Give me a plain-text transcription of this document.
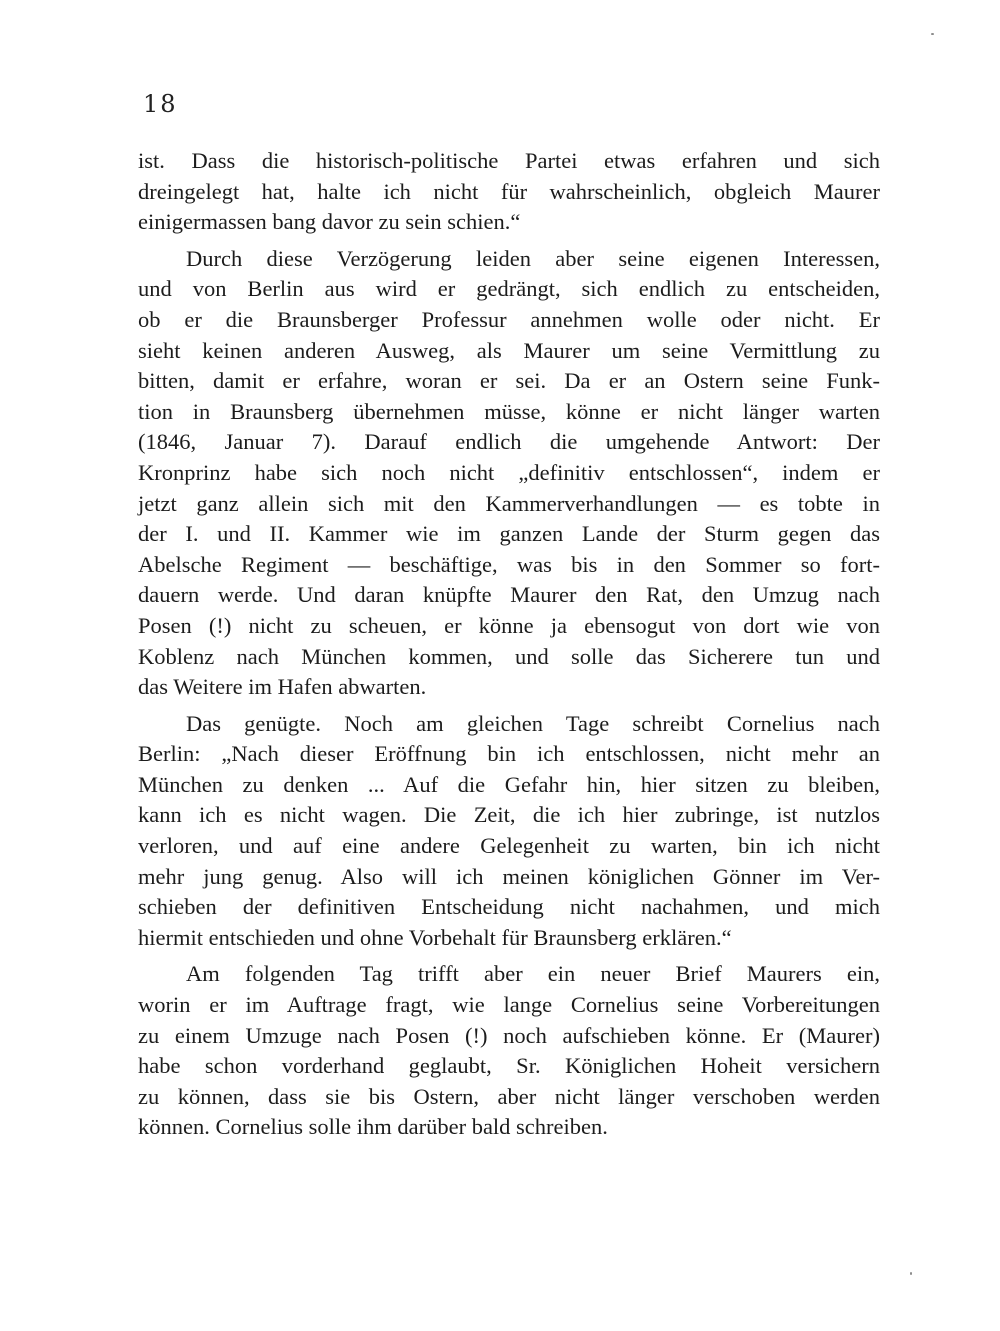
18
ist. Dass die historisch-politische Partei etwas erfahren und sich
dreingelegt hat, halte ich nicht für wahrscheinlich, obgleich Maurer
einigermassen bang davor zu sein schien.“
Durch diese Verzögerung leiden aber seine eigenen Interessen,
und von Berlin aus wird er gedrängt, sich endlich zu entscheiden,
ob er die Braunsberger Professur annehmen wolle oder nicht. Er
sieht keinen anderen Ausweg, als Maurer um seine Vermittlung zu
bitten, damit er erfahre, woran er sei. Da er an Ostern seine Funk-
tion in Braunsberg übernehmen müsse, könne er nicht länger warten
(1846, Januar 7). Darauf endlich die umgehende Antwort: Der
Kronprinz habe sich noch nicht „definitiv entschlossen“, indem er
jetzt ganz allein sich mit den Kammerverhandlungen — es tobte in
der I. und II. Kammer wie im ganzen Lande der Sturm gegen das
Abelsche Regiment — beschäftige, was bis in den Sommer so fort-
dauern werde. Und daran knüpfte Maurer den Rat, den Umzug nach
Posen (!) nicht zu scheuen, er könne ja ebensogut von dort wie von
Koblenz nach München kommen, und solle das Sicherere tun und
das Weitere im Hafen abwarten.
Das genügte. Noch am gleichen Tage schreibt Cornelius nach
Berlin: „Nach dieser Eröffnung bin ich entschlossen, nicht mehr an
München zu denken ... Auf die Gefahr hin, hier sitzen zu bleiben,
kann ich es nicht wagen. Die Zeit, die ich hier zubringe, ist nutzlos
verloren, und auf eine andere Gelegenheit zu warten, bin ich nicht
mehr jung genug. Also will ich meinen königlichen Gönner im Ver-
schieben der definitiven Entscheidung nicht nachahmen, und mich
hiermit entschieden und ohne Vorbehalt für Braunsberg erklären.“
Am folgenden Tag trifft aber ein neuer Brief Maurers ein,
worin er im Auftrage fragt, wie lange Cornelius seine Vorbereitungen
zu einem Umzuge nach Posen (!) noch aufschieben könne. Er (Maurer)
habe schon vorderhand geglaubt, Sr. Königlichen Hoheit versichern
zu können, dass sie bis Ostern, aber nicht länger verschoben werden
können. Cornelius solle ihm darüber bald schreiben.
